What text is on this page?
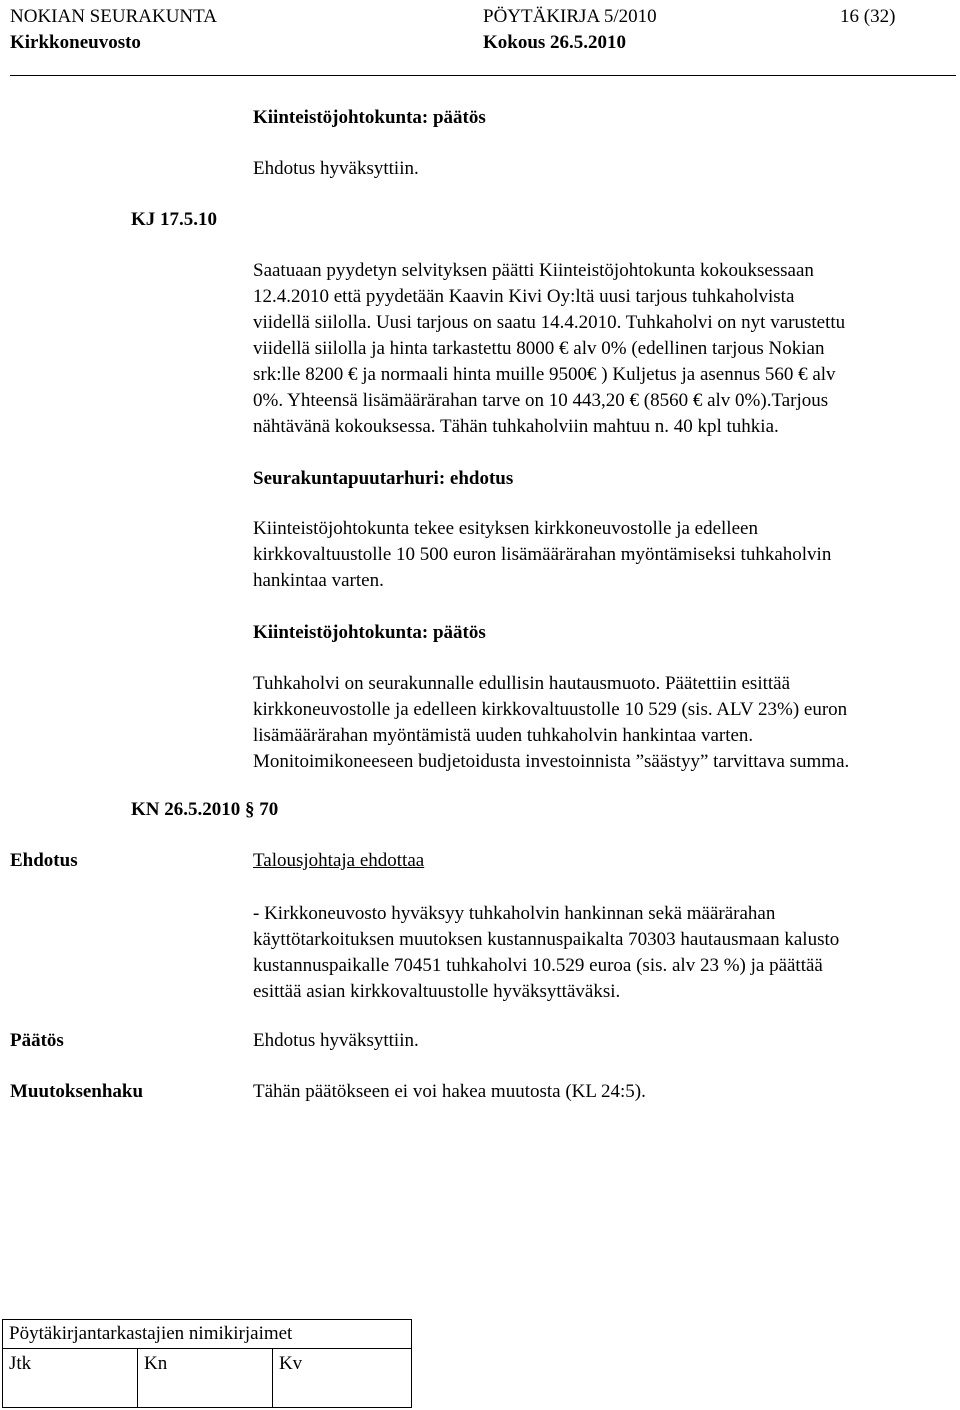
NOKIAN SEURAKUNTA
Kirkkoneuvosto
PÖYTÄKIRJA 5/2010
Kokous 26.5.2010
16 (32)
Kiinteistöjohtokunta: päätös
Ehdotus hyväksyttiin.
KJ 17.5.10

Saatuaan pyydetyn selvityksen päätti Kiinteistöjohtokunta kokouksessaan

12.4.2010 että pyydetään Kaavin Kivi Oy:ltä uusi tarjous tuhkaholvista

viidellä siilolla. Uusi tarjous on saatu 14.4.2010. Tuhkaholvi on nyt varustettu

viidellä siilolla ja hinta tarkastettu 8000 € alv 0% (edellinen tarjous Nokian

srk:lle 8200 € ja normaali hinta muille 9500€ ) Kuljetus ja asennus 560 € alv

0%. Yhteensä lisämäärärahan tarve on 10 443,20 € (8560 € alv 0%).Tarjous

nähtävänä kokouksessa. Tähän tuhkaholviin mahtuu n. 40 kpl tuhkia.

Seurakuntapuutarhuri: ehdotus

Kiinteistöjohtokunta tekee esityksen kirkkoneuvostolle ja edelleen

kirkkovaltuustolle 10 500 euron lisämäärärahan myöntämiseksi tuhkaholvin

hankintaa varten.

Kiinteistöjohtokunta: päätös

Tuhkaholvi on seurakunnalle edullisin hautausmuoto. Päätettiin esittää

kirkkoneuvostolle ja edelleen kirkkovaltuustolle 10 529 (sis. ALV 23%) euron

lisämäärärahan myöntämistä uuden tuhkaholvin hankintaa varten.

Monitoimikoneeseen budjetoidusta investoinnista ”säästyy” tarvittava summa.

KN 26.5.2010 § 70
Ehdotus	Talousjohtaja ehdottaa

- Kirkkoneuvosto hyväksyy tuhkaholvin hankinnan sekä määrärahan

käyttötarkoituksen muutoksen kustannuspaikalta 70303 hautausmaan kalusto

kustannuspaikalle 70451 tuhkaholvi 10.529 euroa (sis. alv 23 %) ja päättää

esittää asian kirkkovaltuustolle hyväksyttäväksi.

Päätös	Ehdotus hyväksyttiin.
Muutoksenhaku	Tähän päätökseen ei voi hakea muutosta (KL 24:5).
Pöytäkirjantarkastajien nimikirjaimet
Jtk	Kn	Kv
